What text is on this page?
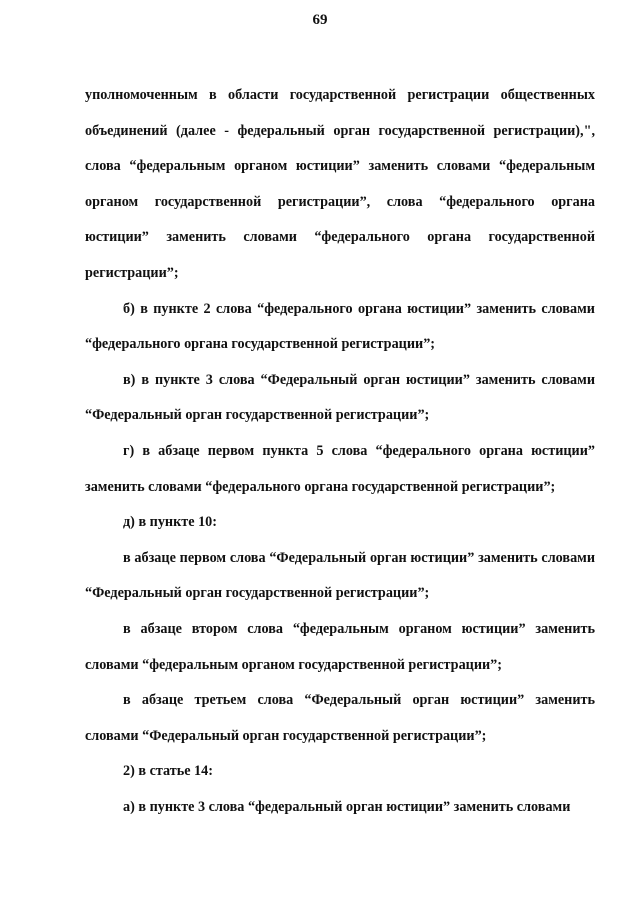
69

уполномоченным в области государственной регистрации общественных объединений (далее - федеральный орган государственной регистрации),", слова “федеральным органом юстиции” заменить словами “федеральным органом государственной регистрации”, слова “федерального органа юстиции” заменить словами “федерального органа государственной регистрации”;

б) в пункте 2 слова “федерального органа юстиции” заменить словами “федерального органа государственной регистрации”;

в) в пункте 3 слова “Федеральный орган юстиции” заменить словами “Федеральный орган государственной регистрации”;

г) в абзаце первом пункта 5 слова “федерального органа юстиции” заменить словами “федерального органа государственной регистрации”;

д) в пункте 10:

в абзаце первом слова “Федеральный орган юстиции” заменить словами “Федеральный орган государственной регистрации”;

в абзаце втором слова “федеральным органом юстиции” заменить словами “федеральным органом государственной регистрации”;

в абзаце третьем слова “Федеральный орган юстиции” заменить словами “Федеральный орган государственной регистрации”;

2) в статье 14:

а) в пункте 3 слова “федеральный орган юстиции” заменить словами
